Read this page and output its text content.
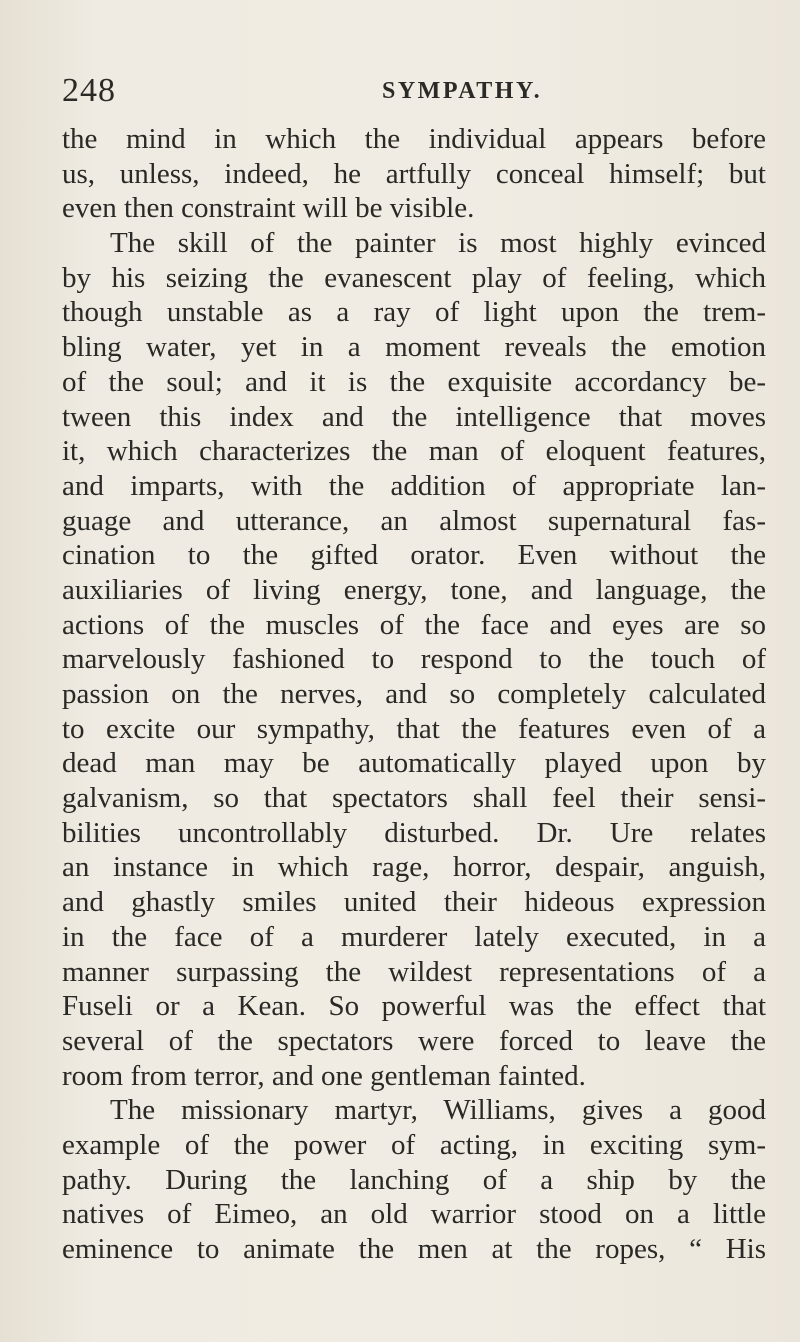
248	SYMPATHY.
the mind in which the individual appears before
us, unless, indeed, he artfully conceal himself; but
even then constraint will be visible.
The skill of the painter is most highly evinced
by his seizing the evanescent play of feeling, which
though unstable as a ray of light upon the trem-
bling water, yet in a moment reveals the emotion
of the soul; and it is the exquisite accordancy be-
tween this index and the intelligence that moves
it, which characterizes the man of eloquent features,
and imparts, with the addition of appropriate lan-
guage and utterance, an almost supernatural fas-
cination to the gifted orator. Even without the
auxiliaries of living energy, tone, and language, the
actions of the muscles of the face and eyes are so
marvelously fashioned to respond to the touch of
passion on the nerves, and so completely calculated
to excite our sympathy, that the features even of a
dead man may be automatically played upon by
galvanism, so that spectators shall feel their sensi-
bilities uncontrollably disturbed. Dr. Ure relates
an instance in which rage, horror, despair, anguish,
and ghastly smiles united their hideous expression
in the face of a murderer lately executed, in a
manner surpassing the wildest representations of a
Fuseli or a Kean. So powerful was the effect that
several of the spectators were forced to leave the
room from terror, and one gentleman fainted.
The missionary martyr, Williams, gives a good
example of the power of acting, in exciting sym-
pathy. During the lanching of a ship by the
natives of Eimeo, an old warrior stood on a little
eminence to animate the men at the ropes, “ His
